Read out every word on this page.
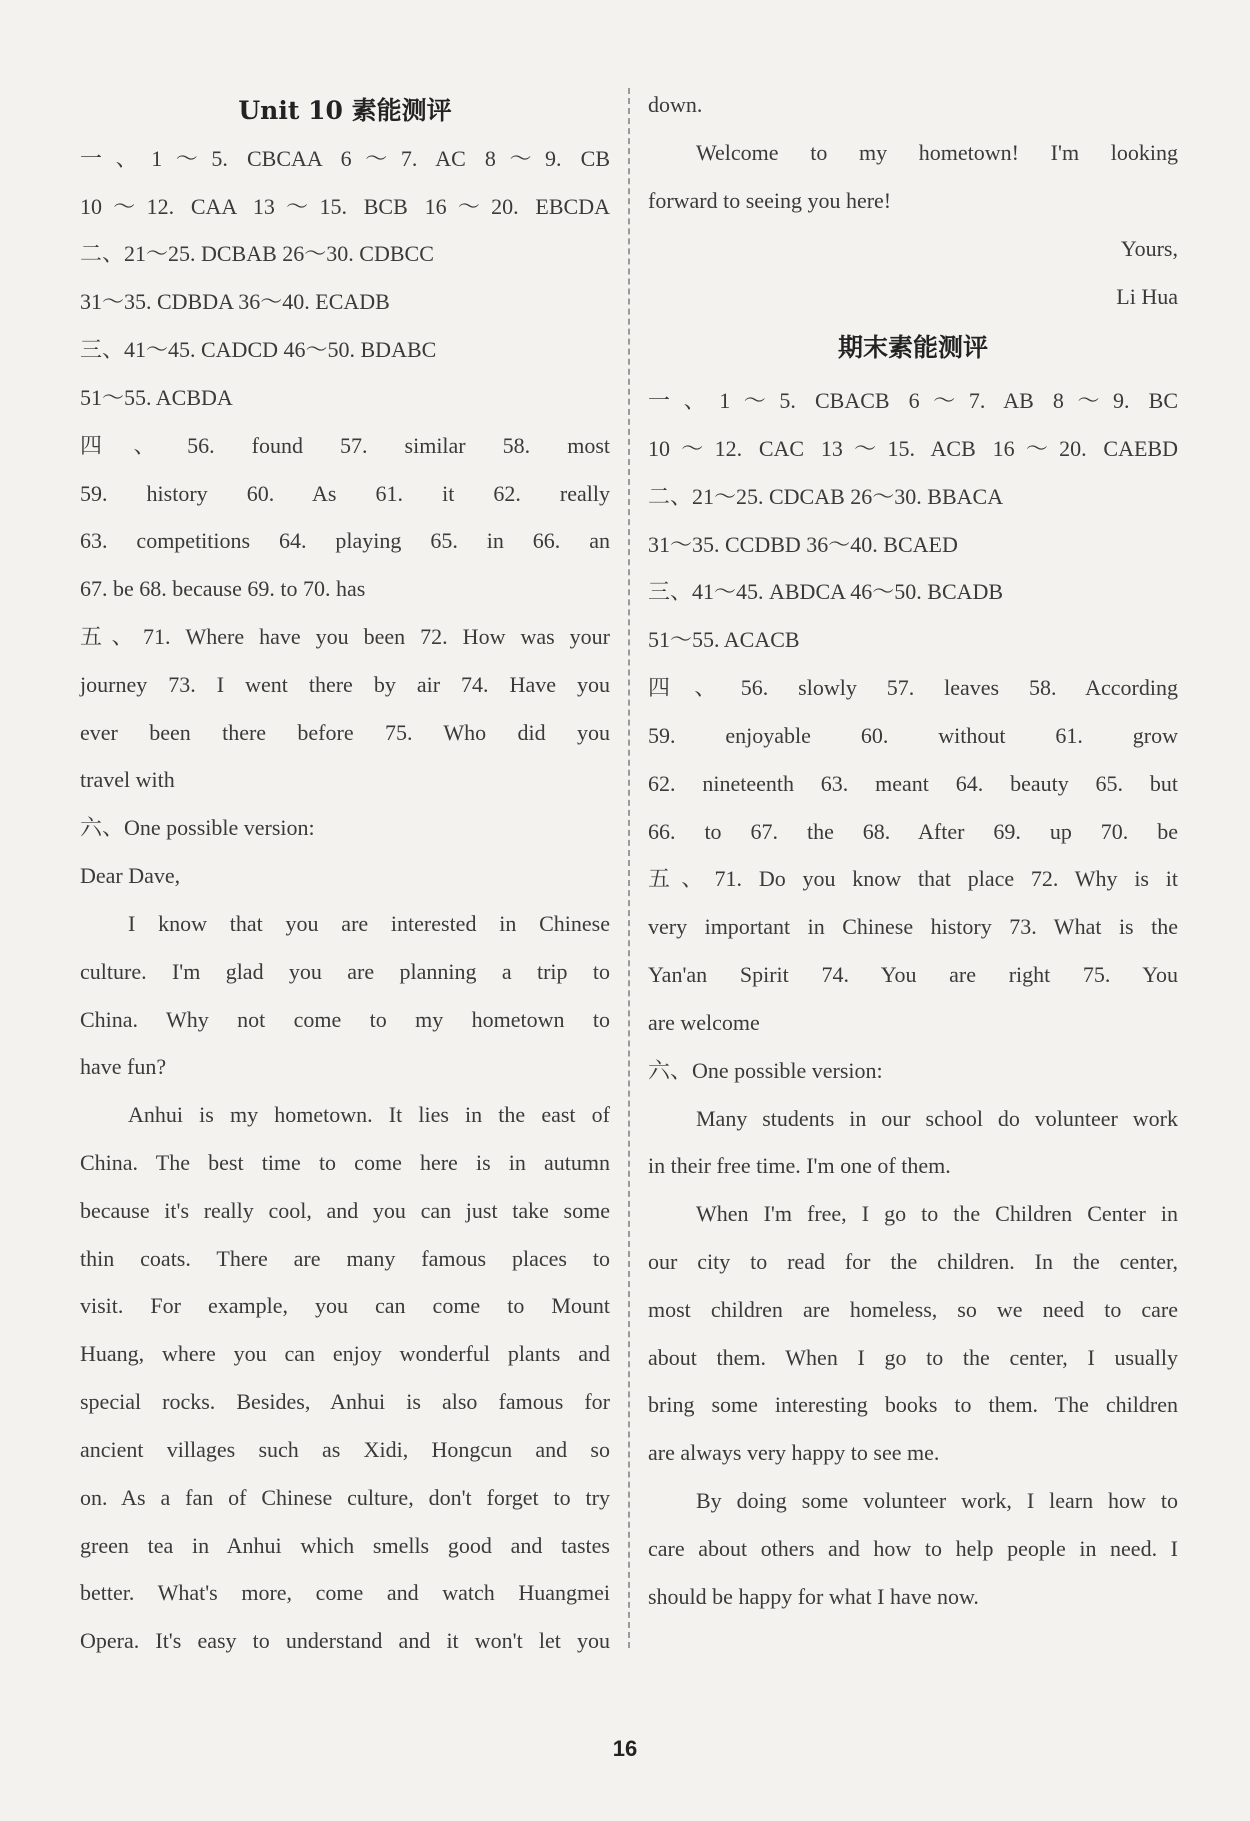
Unit 10 素能测评
一、1～5. CBCAA 6～7. AC 8～9. CB
10～12. CAA 13～15. BCB 16～20. EBCDA
二、21～25. DCBAB 26～30. CDBCC
31～35. CDBDA 36～40. ECADB
三、41～45. CADCD 46～50. BDABC
51～55. ACBDA
四、56. found 57. similar 58. most
59. history 60. As 61. it 62. really
63. competitions 64. playing 65. in 66. an
67. be 68. because 69. to 70. has
五、71. Where have you been 72. How was your
journey 73. I went there by air 74. Have you
ever been there before 75. Who did you
travel with
六、One possible version:
Dear Dave,
I know that you are interested in Chinese
culture. I'm glad you are planning a trip to
China. Why not come to my hometown to
have fun?
Anhui is my hometown. It lies in the east of
China. The best time to come here is in autumn
because it's really cool, and you can just take some
thin coats. There are many famous places to
visit. For example, you can come to Mount
Huang, where you can enjoy wonderful plants and
special rocks. Besides, Anhui is also famous for
ancient villages such as Xidi, Hongcun and so
on. As a fan of Chinese culture, don't forget to try
green tea in Anhui which smells good and tastes
better. What's more, come and watch Huangmei
Opera. It's easy to understand and it won't let you
down.
Welcome to my hometown! I'm looking
forward to seeing you here!
Yours,
Li Hua
期末素能测评
一、1～5. CBACB 6～7. AB 8～9. BC
10～12. CAC 13～15. ACB 16～20. CAEBD
二、21～25. CDCAB 26～30. BBACA
31～35. CCDBD 36～40. BCAED
三、41～45. ABDCA 46～50. BCADB
51～55. ACACB
四、56. slowly 57. leaves 58. According
59. enjoyable 60. without 61. grow
62. nineteenth 63. meant 64. beauty 65. but
66. to 67. the 68. After 69. up 70. be
五、71. Do you know that place 72. Why is it
very important in Chinese history 73. What is the
Yan'an Spirit 74. You are right 75. You
are welcome
六、One possible version:
Many students in our school do volunteer work
in their free time. I'm one of them.
When I'm free, I go to the Children Center in
our city to read for the children. In the center,
most children are homeless, so we need to care
about them. When I go to the center, I usually
bring some interesting books to them. The children
are always very happy to see me.
By doing some volunteer work, I learn how to
care about others and how to help people in need. I
should be happy for what I have now.
16
